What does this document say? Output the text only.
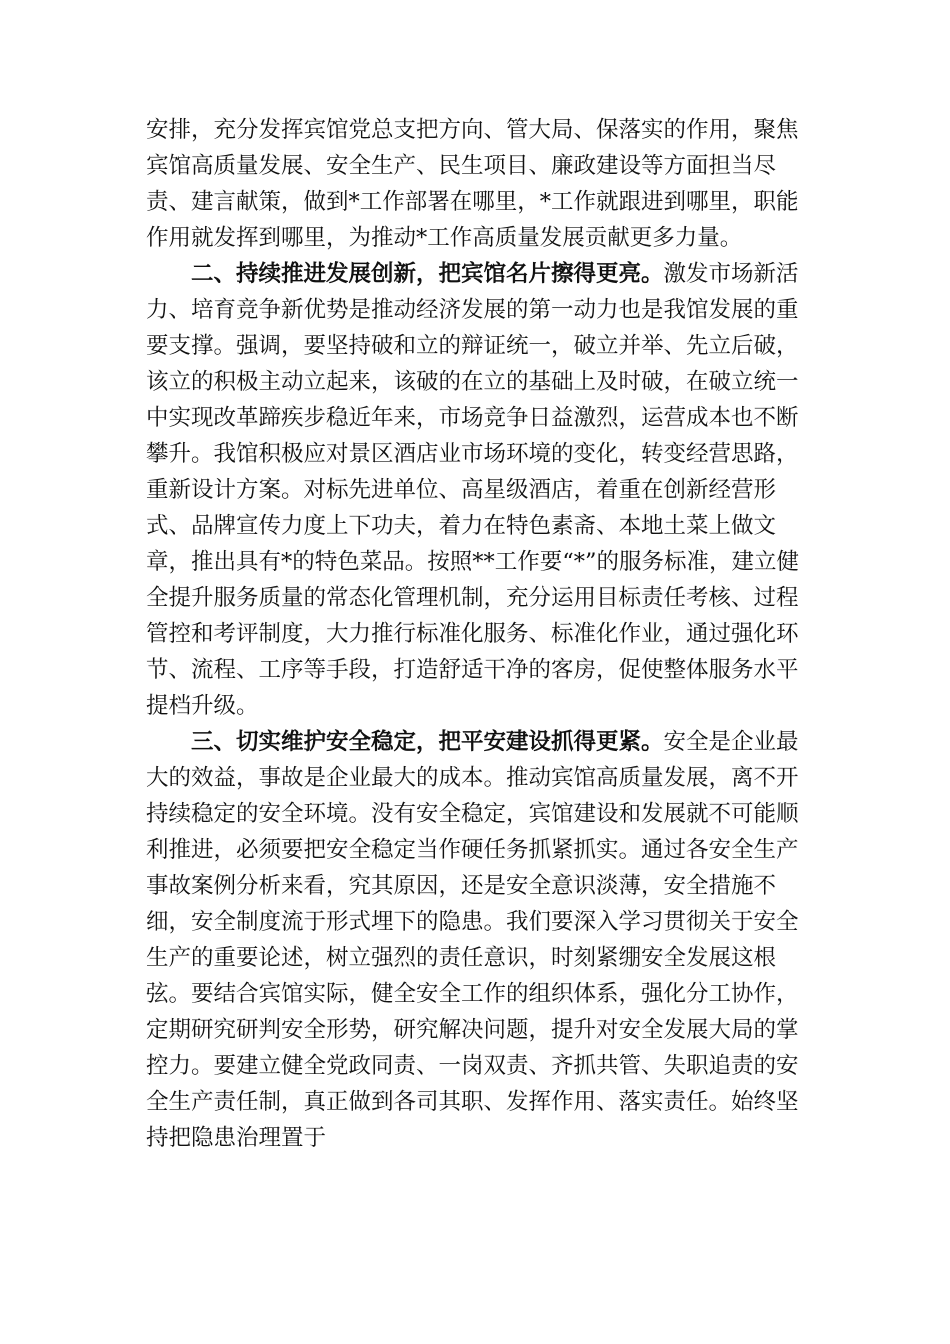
安排，充分发挥宾馆党总支把方向、管大局、保落实的作用，聚焦宾馆高质量发展、安全生产、民生项目、廉政建设等方面担当尽责、建言献策，做到*工作部署在哪里，*工作就跟进到哪里，职能作用就发挥到哪里，为推动*工作高质量发展贡献更多力量。

二、持续推进发展创新，把宾馆名片擦得更亮。激发市场新活力、培育竞争新优势是推动经济发展的第一动力也是我馆发展的重要支撑。强调，要坚持破和立的辩证统一，破立并举、先立后破，该立的积极主动立起来，该破的在立的基础上及时破，在破立统一中实现改革蹄疾步稳近年来，市场竞争日益激烈，运营成本也不断攀升。我馆积极应对景区酒店业市场环境的变化，转变经营思路，重新设计方案。对标先进单位、高星级酒店，着重在创新经营形式、品牌宣传力度上下功夫，着力在特色素斋、本地土菜上做文章，推出具有*的特色菜品。按照**工作要“*”的服务标准，建立健全提升服务质量的常态化管理机制，充分运用目标责任考核、过程管控和考评制度，大力推行标准化服务、标准化作业，通过强化环节、流程、工序等手段，打造舒适干净的客房，促使整体服务水平提档升级。

三、切实维护安全稳定，把平安建设抓得更紧。安全是企业最大的效益，事故是企业最大的成本。推动宾馆高质量发展，离不开持续稳定的安全环境。没有安全稳定，宾馆建设和发展就不可能顺利推进，必须要把安全稳定当作硬任务抓紧抓实。通过各安全生产事故案例分析来看，究其原因，还是安全意识淡薄，安全措施不细，安全制度流于形式埋下的隐患。我们要深入学习贯彻关于安全生产的重要论述，树立强烈的责任意识，时刻紧绷安全发展这根弦。要结合宾馆实际，健全安全工作的组织体系，强化分工协作，定期研究研判安全形势，研究解决问题，提升对安全发展大局的掌控力。要建立健全党政同责、一岗双责、齐抓共管、失职追责的安全生产责任制，真正做到各司其职、发挥作用、落实责任。始终坚持把隐患治理置于
